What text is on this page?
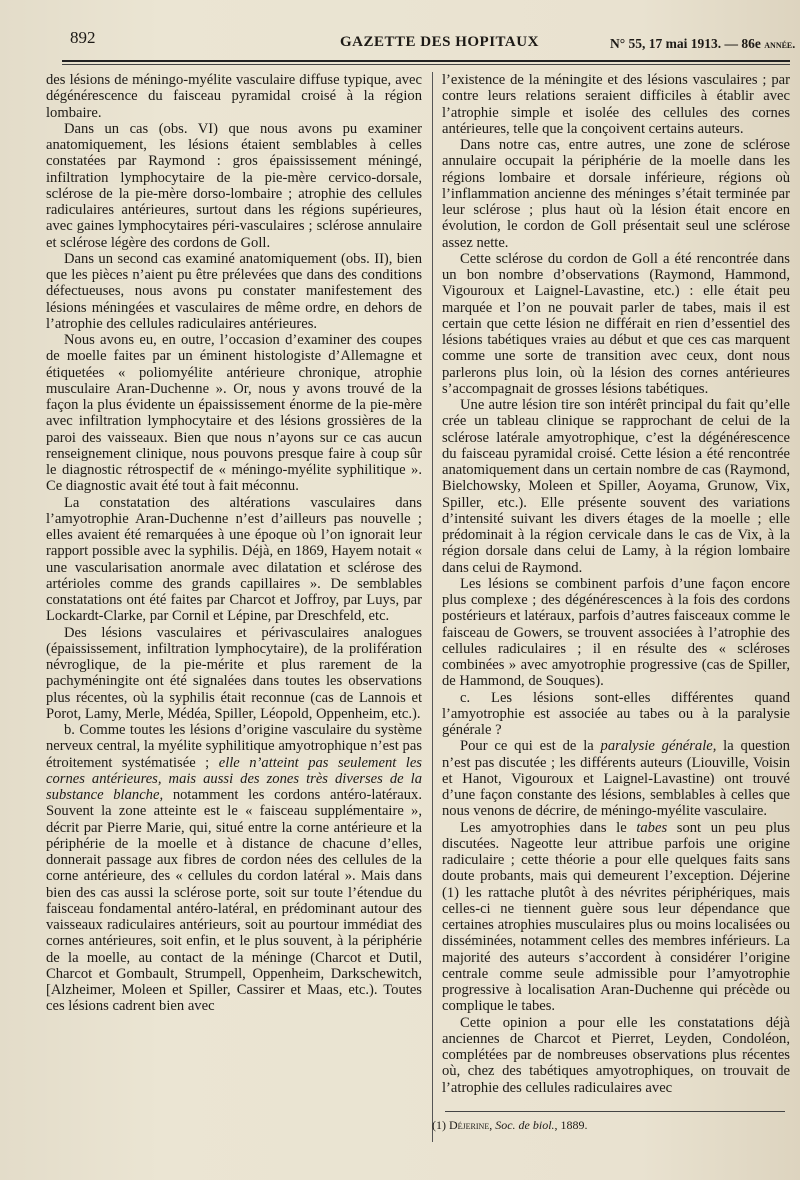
892	GAZETTE DES HOPITAUX	N° 55, 17 mai 1913. — 86e année.

des lésions de méningo-myélite vasculaire diffuse typique, avec dégénérescence du faisceau pyramidal croisé à la région lombaire.

Dans un cas (obs. VI) que nous avons pu examiner anatomiquement, les lésions étaient semblables à celles constatées par Raymond : gros épaississement méningé, infiltration lymphocytaire de la pie-mère cervico-dorsale, sclérose de la pie-mère dorso-lombaire ; atrophie des cellules radiculaires antérieures, surtout dans les régions supérieures, avec gaines lymphocytaires péri-vasculaires ; sclérose annulaire et sclérose légère des cordons de Goll.

Dans un second cas examiné anatomiquement (obs. II), bien que les pièces n’aient pu être prélevées que dans des conditions défectueuses, nous avons pu constater manifestement des lésions méningées et vasculaires de même ordre, en dehors de l’atrophie des cellules radiculaires antérieures.

Nous avons eu, en outre, l’occasion d’examiner des coupes de moelle faites par un éminent histologiste d’Allemagne et étiquetées « poliomyélite antérieure chronique, atrophie musculaire Aran-Duchenne ». Or, nous y avons trouvé de la façon la plus évidente un épaississement énorme de la pie-mère avec infiltration lymphocytaire et des lésions grossières de la paroi des vaisseaux. Bien que nous n’ayons sur ce cas aucun renseignement clinique, nous pouvons presque faire à coup sûr le diagnostic rétrospectif de « méningo-myélite syphilitique ». Ce diagnostic avait été tout à fait méconnu.

La constatation des altérations vasculaires dans l’amyotrophie Aran-Duchenne n’est d’ailleurs pas nouvelle ; elles avaient été remarquées à une époque où l’on ignorait leur rapport possible avec la syphilis. Déjà, en 1869, Hayem notait « une vascularisation anormale avec dilatation et sclérose des artérioles comme des grands capillaires ». De semblables constatations ont été faites par Charcot et Joffroy, par Luys, par Lockardt-Clarke, par Cornil et Lépine, par Dreschfeld, etc.

Des lésions vasculaires et périvasculaires analogues (épaississement, infiltration lymphocytaire), de la prolifération névroglique, de la pie-mérite et plus rarement de la pachyméningite ont été signalées dans toutes les observations plus récentes, où la syphilis était reconnue (cas de Lannois et Porot, Lamy, Merle, Médéa, Spiller, Léopold, Oppenheim, etc.).

b. Comme toutes les lésions d’origine vasculaire du système nerveux central, la myélite syphilitique amyotrophique n’est pas étroitement systématisée ; elle n’atteint pas seulement les cornes antérieures, mais aussi des zones très diverses de la substance blanche, notamment les cordons antéro-latéraux. Souvent la zone atteinte est le « faisceau supplémentaire », décrit par Pierre Marie, qui, situé entre la corne antérieure et la périphérie de la moelle et à distance de chacune d’elles, donnerait passage aux fibres de cordon nées des cellules de la corne antérieure, des « cellules du cordon latéral ». Mais dans bien des cas aussi la sclérose porte, soit sur toute l’étendue du faisceau fondamental antéro-latéral, en prédominant autour des vaisseaux radiculaires antérieurs, soit au pourtour immédiat des cornes antérieures, soit enfin, et le plus souvent, à la périphérie de la moelle, au contact de la méninge (Charcot et Dutil, Charcot et Gombault, Strumpell, Oppenheim, Darkschewitch, [Alzheimer, Moleen et Spiller, Cassirer et Maas, etc.). Toutes ces lésions cadrent bien avec

l’existence de la méningite et des lésions vasculaires ; par contre leurs relations seraient difficiles à établir avec l’atrophie simple et isolée des cellules des cornes antérieures, telle que la conçoivent certains auteurs.

Dans notre cas, entre autres, une zone de sclérose annulaire occupait la périphérie de la moelle dans les régions lombaire et dorsale inférieure, régions où l’inflammation ancienne des méninges s’était terminée par leur sclérose ; plus haut où la lésion était encore en évolution, le cordon de Goll présentait seul une sclérose assez nette.

Cette sclérose du cordon de Goll a été rencontrée dans un bon nombre d’observations (Raymond, Hammond, Vigouroux et Laignel-Lavastine, etc.) : elle était peu marquée et l’on ne pouvait parler de tabes, mais il est certain que cette lésion ne différait en rien d’essentiel des lésions tabétiques vraies au début et que ces cas marquent comme une sorte de transition avec ceux, dont nous parlerons plus loin, où la lésion des cornes antérieures s’accompagnait de grosses lésions tabétiques.

Une autre lésion tire son intérêt principal du fait qu’elle crée un tableau clinique se rapprochant de celui de la sclérose latérale amyotrophique, c’est la dégénérescence du faisceau pyramidal croisé. Cette lésion a été rencontrée anatomiquement dans un certain nombre de cas (Raymond, Bielchowsky, Moleen et Spiller, Aoyama, Grunow, Vix, Spiller, etc.). Elle présente souvent des variations d’intensité suivant les divers étages de la moelle ; elle prédominait à la région cervicale dans le cas de Vix, à la région dorsale dans celui de Lamy, à la région lombaire dans celui de Raymond.

Les lésions se combinent parfois d’une façon encore plus complexe ; des dégénérescences à la fois des cordons postérieurs et latéraux, parfois d’autres faisceaux comme le faisceau de Gowers, se trouvent associées à l’atrophie des cellules radiculaires ; il en résulte des « scléroses combinées » avec amyotrophie progressive (cas de Spiller, de Hammond, de Souques).

c. Les lésions sont-elles différentes quand l’amyotrophie est associée au tabes ou à la paralysie générale ?

Pour ce qui est de la paralysie générale, la question n’est pas discutée ; les différents auteurs (Liouville, Voisin et Hanot, Vigouroux et Laignel-Lavastine) ont trouvé d’une façon constante des lésions, semblables à celles que nous venons de décrire, de méningo-myélite vasculaire.

Les amyotrophies dans le tabes sont un peu plus discutées. Nageotte leur attribue parfois une origine radiculaire ; cette théorie a pour elle quelques faits sans doute probants, mais qui demeurent l’exception. Déjerine (1) les rattache plutôt à des névrites périphériques, mais celles-ci ne tiennent guère sous leur dépendance que certaines atrophies musculaires plus ou moins localisées ou disséminées, notamment celles des membres inférieurs. La majorité des auteurs s’accordent à considérer l’origine centrale comme seule admissible pour l’amyotrophie progressive à localisation Aran-Duchenne qui précède ou complique le tabes.

Cette opinion a pour elle les constatations déjà anciennes de Charcot et Pierret, Leyden, Condoléon, complétées par de nombreuses observations plus récentes où, chez des tabétiques amyotrophiques, on trouvait de l’atrophie des cellules radiculaires avec

(1) Déjerine, Soc. de biol., 1889.
